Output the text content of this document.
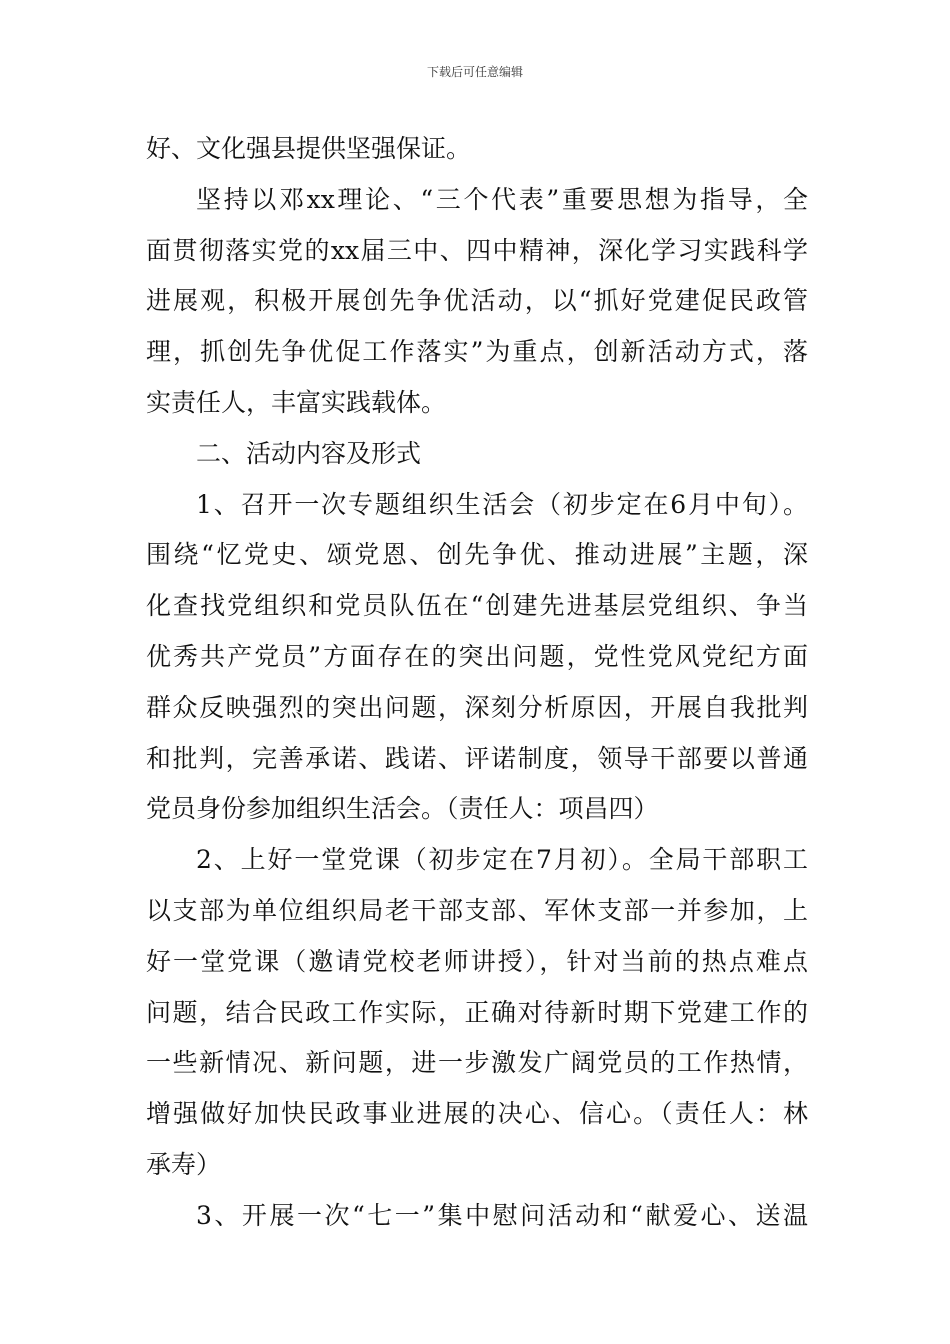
下载后可任意编辑
好、文化强县提供坚强保证。
坚持以邓xx理论、“三个代表”重要思想为指导，全
面贯彻落实党的xx届三中、四中精神，深化学习实践科学
进展观，积极开展创先争优活动，以“抓好党建促民政管
理，抓创先争优促工作落实”为重点，创新活动方式，落
实责任人，丰富实践载体。
二、活动内容及形式
1、召开一次专题组织生活会（初步定在6月中旬）。
围绕“忆党史、颂党恩、创先争优、推动进展”主题，深
化查找党组织和党员队伍在“创建先进基层党组织、争当
优秀共产党员”方面存在的突出问题，党性党风党纪方面
群众反映强烈的突出问题，深刻分析原因，开展自我批判
和批判，完善承诺、践诺、评诺制度，领导干部要以普通
党员身份参加组织生活会。（责任人：项昌四）
2、上好一堂党课（初步定在7月初）。全局干部职工
以支部为单位组织局老干部支部、军休支部一并参加，上
好一堂党课（邀请党校老师讲授），针对当前的热点难点
问题，结合民政工作实际，正确对待新时期下党建工作的
一些新情况、新问题，进一步激发广阔党员的工作热情，
增强做好加快民政事业进展的决心、信心。（责任人：林
承寿）
3、开展一次“七一”集中慰问活动和“献爱心、送温
